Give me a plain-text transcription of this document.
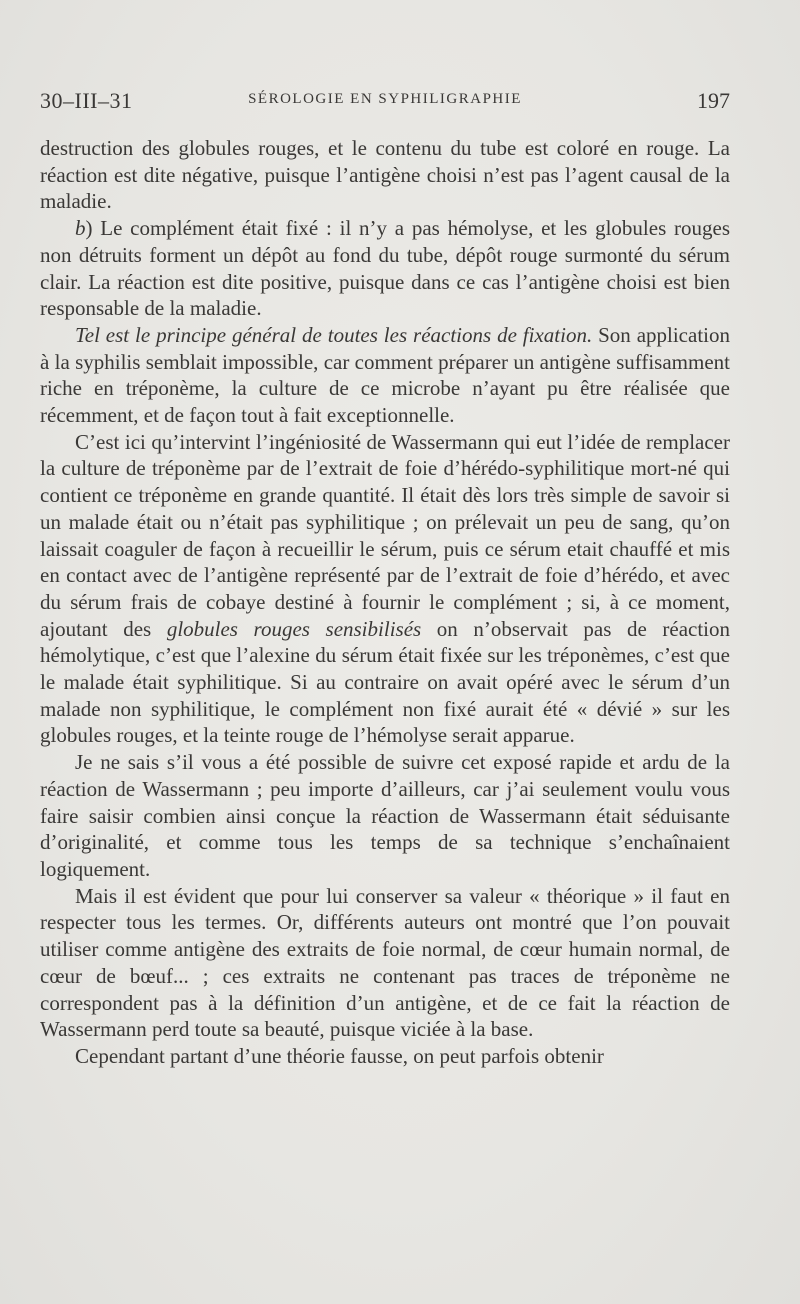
30–III–31	SÉROLOGIE EN SYPHILIGRAPHIE	197

destruction des globules rouges, et le contenu du tube est coloré en rouge. La réaction est dite négative, puisque l’antigène choisi n’est pas l’agent causal de la maladie.

b) Le complément était fixé : il n’y a pas hémolyse, et les globules rouges non détruits forment un dépôt au fond du tube, dépôt rouge surmonté du sérum clair. La réaction est dite positive, puisque dans ce cas l’antigène choisi est bien responsable de la maladie.

Tel est le principe général de toutes les réactions de fixation. Son application à la syphilis semblait impossible, car comment préparer un antigène suffisamment riche en tréponème, la culture de ce microbe n’ayant pu être réalisée que récemment, et de façon tout à fait exceptionnelle.

C’est ici qu’intervint l’ingéniosité de Wassermann qui eut l’idée de remplacer la culture de tréponème par de l’extrait de foie d’hérédo-syphilitique mort-né qui contient ce tréponème en grande quantité. Il était dès lors très simple de savoir si un malade était ou n’était pas syphilitique ; on prélevait un peu de sang, qu’on laissait coaguler de façon à recueillir le sérum, puis ce sérum etait chauffé et mis en contact avec de l’antigène représenté par de l’extrait de foie d’hérédo, et avec du sérum frais de cobaye destiné à fournir le complément ; si, à ce moment, ajoutant des globules rouges sensibilisés on n’observait pas de réaction hémolytique, c’est que l’alexine du sérum était fixée sur les tréponèmes, c’est que le malade était syphilitique. Si au contraire on avait opéré avec le sérum d’un malade non syphilitique, le complément non fixé aurait été « dévié » sur les globules rouges, et la teinte rouge de l’hémolyse serait apparue.

Je ne sais s’il vous a été possible de suivre cet exposé rapide et ardu de la réaction de Wassermann ; peu importe d’ailleurs, car j’ai seulement voulu vous faire saisir combien ainsi conçue la réaction de Wassermann était séduisante d’originalité, et comme tous les temps de sa technique s’enchaînaient logiquement.

Mais il est évident que pour lui conserver sa valeur « théorique » il faut en respecter tous les termes. Or, différents auteurs ont montré que l’on pouvait utiliser comme antigène des extraits de foie normal, de cœur humain normal, de cœur de bœuf... ; ces extraits ne contenant pas traces de tréponème ne correspondent pas à la définition d’un antigène, et de ce fait la réaction de Wassermann perd toute sa beauté, puisque viciée à la base.

Cependant partant d’une théorie fausse, on peut parfois obtenir
